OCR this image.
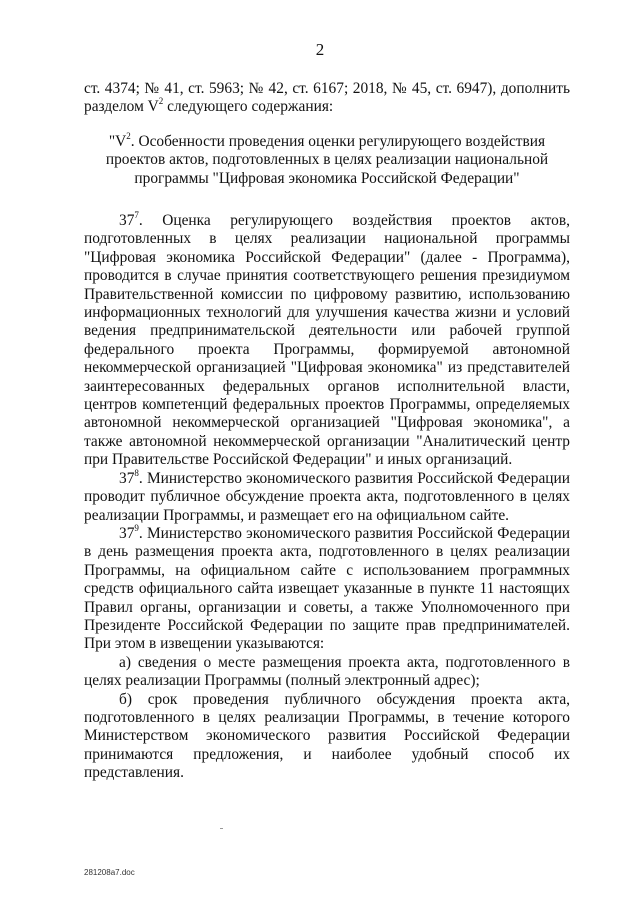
2
ст. 4374; № 41, ст. 5963; № 42, ст. 6167; 2018, № 45, ст. 6947), дополнить
разделом $V^2$ следующего содержания:
"$V^2$. Особенности проведения оценки регулирующего воздействия проектов актов, подготовленных в целях реализации национальной программы "Цифровая экономика Российской Федерации"

$37^7$. Оценка регулирующего воздействия проектов актов, подготовленных в целях реализации национальной программы "Цифровая экономика Российской Федерации" (далее - Программа), проводится в случае принятия соответствующего решения президиумом Правительственной комиссии по цифровому развитию, использованию информационных технологий для улучшения качества жизни и условий ведения предпринимательской деятельности или рабочей группой федерального проекта Программы, формируемой автономной некоммерческой организацией "Цифровая экономика" из представителей заинтересованных федеральных органов исполнительной власти, центров компетенций федеральных проектов Программы, определяемых автономной некоммерческой организацией "Цифровая экономика", а также автономной некоммерческой организации "Аналитический центр при Правительстве Российской Федерации" и иных организаций.

$37^8$. Министерство экономического развития Российской Федерации проводит публичное обсуждение проекта акта, подготовленного в целях реализации Программы, и размещает его на официальном сайте.

$37^9$. Министерство экономического развития Российской Федерации в день размещения проекта акта, подготовленного в целях реализации Программы, на официальном сайте с использованием программных средств официального сайта извещает указанные в пункте 11 настоящих Правил органы, организации и советы, а также Уполномоченного при Президенте Российской Федерации по защите прав предпринимателей. При этом в извещении указываются:

а) сведения о месте размещения проекта акта, подготовленного в целях реализации Программы (полный электронный адрес);

б) срок проведения публичного обсуждения проекта акта, подготовленного в целях реализации Программы, в течение которого Министерством экономического развития Российской Федерации принимаются предложения, и наиболее удобный способ их представления.

281208а7.doc
